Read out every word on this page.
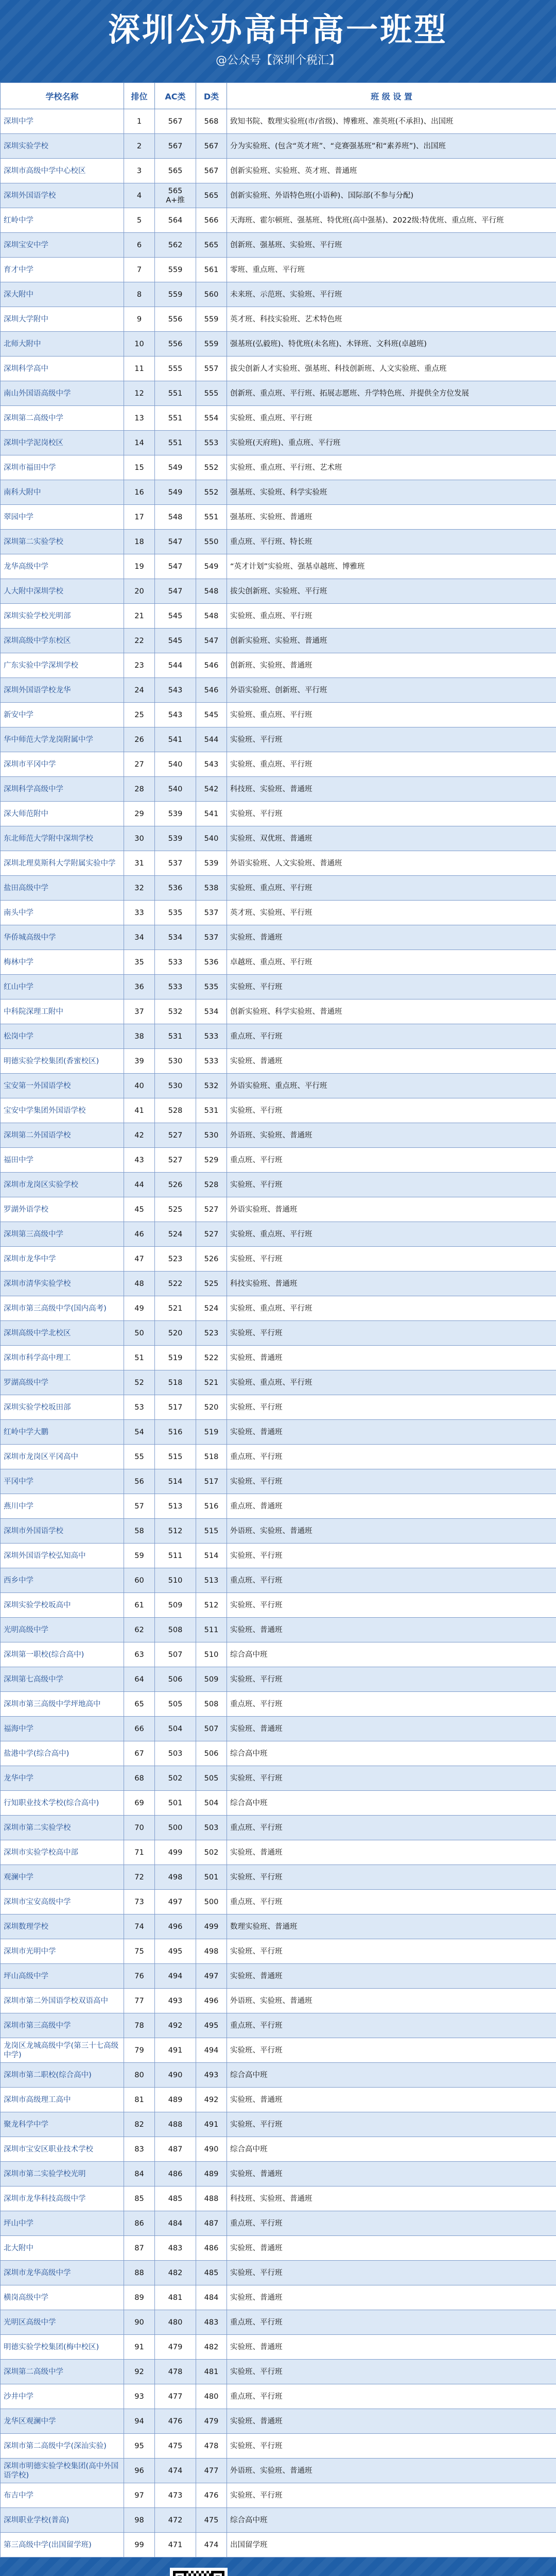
深圳公办高中高一班型
@公众号【深圳个税汇】
学校名称	排位	AC类	D类	班 级 设 置
深圳中学	1	567	568	致知书院、数理实验班(市/省级)、博雅班、准英班(不承担)、出国班
深圳实验学校	2	567	567	分为实验班、(包含“英才班”、“竞赛强基班”和“素养班”)、出国班
深圳市高级中学中心校区	3	565	567	创新实验班、实验班、英才班、普通班
深圳外国语学校	4	565 A+推	565	创新实验班、外语特色班(小语种)、国际部(不参与分配)
红岭中学	5	564	566	天海班、霍尔顿班、强基班、特优班(高中强基)、2022级:特优班、重点班、平行班
深圳宝安中学	6	562	565	创新班、强基班、实验班、平行班
育才中学	7	559	561	零班、重点班、平行班
深大附中	8	559	560	未来班、示范班、实验班、平行班
深圳大学附中	9	556	559	英才班、科技实验班、艺术特色班
北师大附中	10	556	559	强基班(弘毅班)、特优班(未名班)、木铎班、文科班(卓越班)
深圳科学高中	11	555	557	拔尖创新人才实验班、强基班、科技创新班、人文实验班、重点班
南山外国语高级中学	12	551	555	创新班、重点班、平行班、拓展志愿班、升学特色班、并提供全方位发展
深圳第二高级中学	13	551	554	实验班、重点班、平行班
深圳中学泥岗校区	14	551	553	实验班(天府班)、重点班、平行班
深圳市福田中学	15	549	552	实验班、重点班、平行班、艺术班
南科大附中	16	549	552	强基班、实验班、科学实验班
翠园中学	17	548	551	强基班、实验班、普通班
深圳第二实验学校	18	547	550	重点班、平行班、特长班
龙华高级中学	19	547	549	“英才计划”实验班、强基卓越班、博雅班
人大附中深圳学校	20	547	548	拔尖创新班、实验班、平行班
深圳实验学校光明部	21	545	548	实验班、重点班、平行班
深圳高级中学东校区	22	545	547	创新实验班、实验班、普通班
广东实验中学深圳学校	23	544	546	创新班、实验班、普通班
深圳外国语学校龙华	24	543	546	外语实验班、创新班、平行班
新安中学	25	543	545	实验班、重点班、平行班
华中师范大学龙岗附属中学	26	541	544	实验班、平行班
深圳市平冈中学	27	540	543	实验班、重点班、平行班
深圳科学高级中学	28	540	542	科技班、实验班、普通班
深大师范附中	29	539	541	实验班、平行班
东北师范大学附中深圳学校	30	539	540	实验班、双优班、普通班
深圳北理莫斯科大学附属实验中学	31	537	539	外语实验班、人文实验班、普通班
盐田高级中学	32	536	538	实验班、重点班、平行班
南头中学	33	535	537	英才班、实验班、平行班
华侨城高级中学	34	534	537	实验班、普通班
梅林中学	35	533	536	卓越班、重点班、平行班
红山中学	36	533	535	实验班、平行班
中科院深理工附中	37	532	534	创新实验班、科学实验班、普通班
松岗中学	38	531	533	重点班、平行班
明德实验学校集团(香蜜校区)	39	530	533	实验班、普通班
宝安第一外国语学校	40	530	532	外语实验班、重点班、平行班
宝安中学集团外国语学校	41	528	531	实验班、平行班
深圳第二外国语学校	42	527	530	外语班、实验班、普通班
福田中学	43	527	529	重点班、平行班
深圳市龙岗区实验学校	44	526	528	实验班、平行班
罗湖外语学校	45	525	527	外语实验班、普通班
深圳第三高级中学	46	524	527	实验班、重点班、平行班
深圳市龙华中学	47	523	526	实验班、平行班
深圳市清华实验学校	48	522	525	科技实验班、普通班
深圳市第三高级中学(国内高考)	49	521	524	实验班、重点班、平行班
深圳高级中学北校区	50	520	523	实验班、平行班
深圳市科学高中理工	51	519	522	实验班、普通班
罗湖高级中学	52	518	521	实验班、重点班、平行班
深圳实验学校坂田部	53	517	520	实验班、平行班
红岭中学大鹏	54	516	519	实验班、普通班
深圳市龙岗区平冈高中	55	515	518	重点班、平行班
平冈中学	56	514	517	实验班、平行班
燕川中学	57	513	516	重点班、普通班
深圳市外国语学校	58	512	515	外语班、实验班、普通班
深圳外国语学校弘知高中	59	511	514	实验班、平行班
西乡中学	60	510	513	重点班、平行班
深圳实验学校坂高中	61	509	512	实验班、平行班
光明高级中学	62	508	511	实验班、普通班
深圳第一职校(综合高中)	63	507	510	综合高中班
深圳第七高级中学	64	506	509	实验班、平行班
深圳市第三高级中学坪地高中	65	505	508	重点班、平行班
福海中学	66	504	507	实验班、普通班
盐港中学(综合高中)	67	503	506	综合高中班
龙华中学	68	502	505	实验班、平行班
行知职业技术学校(综合高中)	69	501	504	综合高中班
深圳市第二实验学校	70	500	503	重点班、平行班
深圳市实验学校高中部	71	499	502	实验班、普通班
观澜中学	72	498	501	实验班、平行班
深圳市宝安高级中学	73	497	500	重点班、平行班
深圳数理学校	74	496	499	数理实验班、普通班
深圳市光明中学	75	495	498	实验班、平行班
坪山高级中学	76	494	497	实验班、普通班
深圳市第二外国语学校双语高中	77	493	496	外语班、实验班、普通班
深圳市第三高级中学	78	492	495	重点班、平行班
龙岗区龙城高级中学(第三十七高级中学)	79	491	494	实验班、平行班
深圳市第二职校(综合高中)	80	490	493	综合高中班
深圳市高级理工高中	81	489	492	实验班、普通班
聚龙科学中学	82	488	491	实验班、平行班
深圳市宝安区职业技术学校	83	487	490	综合高中班
深圳市第二实验学校光明	84	486	489	实验班、普通班
深圳市龙华科技高级中学	85	485	488	科技班、实验班、普通班
坪山中学	86	484	487	重点班、平行班
北大附中	87	483	486	实验班、普通班
深圳市龙华高级中学	88	482	485	实验班、平行班
横岗高级中学	89	481	484	实验班、普通班
光明区高级中学	90	480	483	重点班、平行班
明德实验学校集团(梅中校区)	91	479	482	实验班、普通班
深圳第二高级中学	92	478	481	实验班、平行班
沙井中学	93	477	480	重点班、平行班
龙华区观澜中学	94	476	479	实验班、普通班
深圳市第二高级中学(深汕实验)	95	475	478	实验班、平行班
深圳市明德实验学校集团(高中外国语学校)	96	474	477	外语班、实验班、普通班
布吉中学	97	473	476	实验班、平行班
深圳职业学校(普高)	98	472	475	综合高中班
第三高级中学(出国留学班)	99	471	474	出国留学班
